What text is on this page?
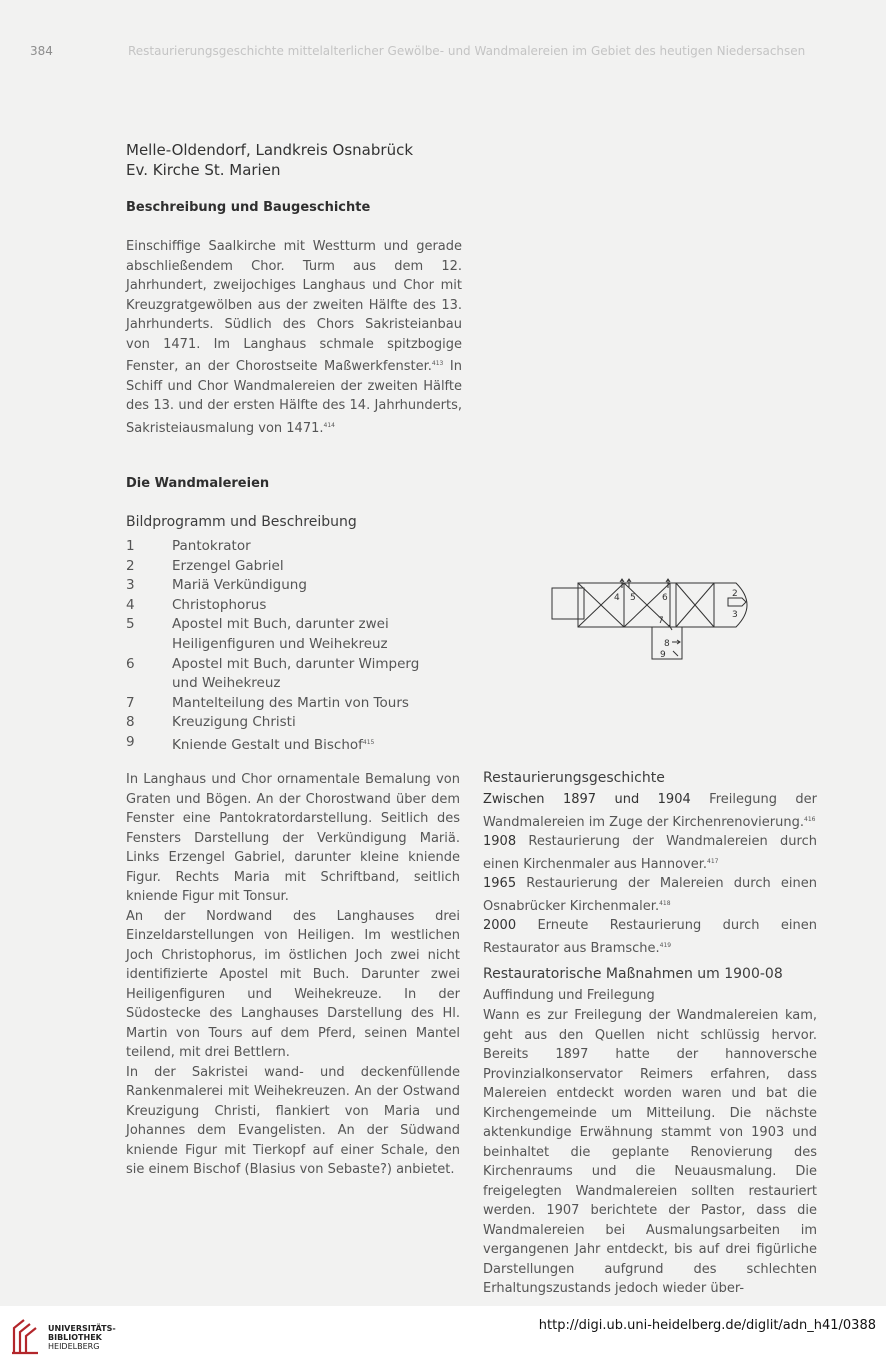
384	Restaurierungsgeschichte mittelalterlicher Gewölbe- und Wandmalereien im Gebiet des heutigen Niedersachsen
Melle-Oldendorf, Landkreis Osnabrück
Ev. Kirche St. Marien
Beschreibung und Baugeschichte
Einschiffige Saalkirche mit Westturm und gerade abschließendem Chor. Turm aus dem 12. Jahrhundert, zweijochiges Langhaus und Chor mit Kreuzgratgewölben aus der zweiten Hälfte des 13. Jahrhunderts. Südlich des Chors Sakristeianbau von 1471. Im Langhaus schmale spitzbogige Fenster, an der Chorostseite Maßwerkfenster.$^{413}$ In Schiff und Chor Wandmalereien der zweiten Hälfte des 13. und der ersten Hälfte des 14. Jahrhunderts, Sakristeiausmalung von 1471.$^{414}$
Die Wandmalereien
Bildprogramm und Beschreibung
1	Pantokrator
2	Erzengel Gabriel
3	Mariä Verkündigung
4	Christophorus
5	Apostel mit Buch, darunter zwei Heiligenfiguren und Weihekreuz
6	Apostel mit Buch, darunter Wimperg und Weihekreuz
7	Mantelteilung des Martin von Tours
8	Kreuzigung Christi
9	Kniende Gestalt und Bischof$^{415}$
2
3
4 5	6
7
8
9
In Langhaus und Chor ornamentale Bemalung von Graten und Bögen. An der Chorostwand über dem Fenster eine Pantokratordarstellung. Seitlich des Fensters Darstellung der Verkündigung Mariä. Links Erzengel Gabriel, darunter kleine kniende Figur. Rechts Maria mit Schriftband, seitlich kniende Figur mit Tonsur.
An der Nordwand des Langhauses drei Einzeldarstellungen von Heiligen. Im westlichen Joch Christophorus, im östlichen Joch zwei nicht identifizierte Apostel mit Buch. Darunter zwei Heiligenfiguren und Weihekreuze. In der Südostecke des Langhauses Darstellung des Hl. Martin von Tours auf dem Pferd, seinen Mantel teilend, mit drei Bettlern.
In der Sakristei wand- und deckenfüllende Rankenmalerei mit Weihekreuzen. An der Ostwand Kreuzigung Christi, flankiert von Maria und Johannes dem Evangelisten. An der Südwand kniende Figur mit Tierkopf auf einer Schale, den sie einem Bischof (Blasius von Sebaste?) anbietet.
Restaurierungsgeschichte
Zwischen 1897 und 1904 Freilegung der Wandmalereien im Zuge der Kirchenrenovierung.$^{416}$
1908 Restaurierung der Wandmalereien durch einen Kirchenmaler aus Hannover.$^{417}$
1965 Restaurierung der Malereien durch einen Osnabrücker Kirchenmaler.$^{418}$
2000 Erneute Restaurierung durch einen Restaurator aus Bramsche.$^{419}$
Restauratorische Maßnahmen um 1900-08
Auffindung und Freilegung
Wann es zur Freilegung der Wandmalereien kam, geht aus den Quellen nicht schlüssig hervor. Bereits 1897 hatte der hannoversche Provinzialkonservator Reimers erfahren, dass Malereien entdeckt worden waren und bat die Kirchengemeinde um Mitteilung. Die nächste aktenkundige Erwähnung stammt von 1903 und beinhaltet die geplante Renovierung des Kirchenraums und die Neuausmalung. Die freigelegten Wandmalereien sollten restauriert werden. 1907 berichtete der Pastor, dass die Wandmalereien bei Ausmalungsarbeiten im vergangenen Jahr entdeckt, bis auf drei figürliche Darstellungen aufgrund des schlechten Erhaltungszustands jedoch wieder über-
UNIVERSITÄTS-
BIBLIOTHEK
HEIDELBERG
http://digi.ub.uni-heidelberg.de/diglit/adn_h41/0388
